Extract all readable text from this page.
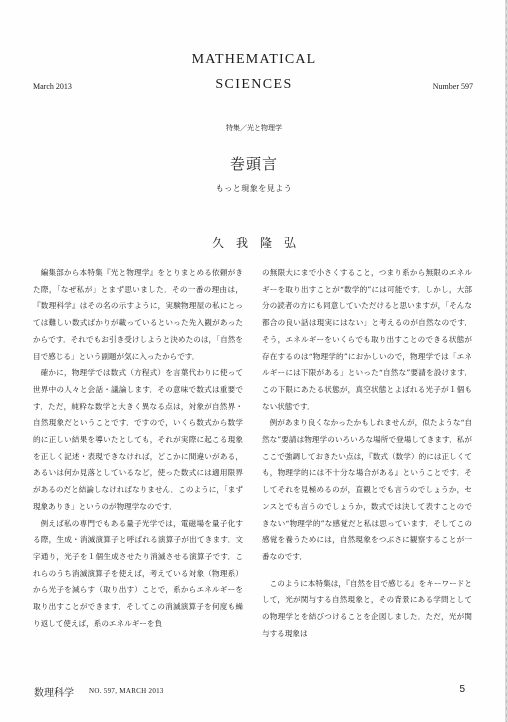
MATHEMATICAL
SCIENCES
March 2013	Number 597
特集／光と物理学
巻頭言
もっと現象を見よう
久我隆弘

編集部から本特集『光と物理学』をとりまとめる依頼がきた際，「なぜ私が」とまず思いました．その一番の理由は，『数理科学』はその名の示すように，実験物理屋の私にとっては難しい数式ばかりが載っているといった先入観があったからです．それでもお引き受けしようと決めたのは，「自然を目で感じる」という副題が気に入ったからです．

確かに，物理学では数式（方程式）を言葉代わりに使って世界中の人々と会話・議論します．その意味で数式は重要です．ただ，純粋な数学と大きく異なる点は，対象が自然界・自然現象だということです．ですので，いくら数式から数学的に正しい結果を導いたとしても，それが実際に起こる現象を正しく記述・表現できなければ，どこかに間違いがある，あるいは何か見落としているなど，使った数式には適用限界があるのだと結論しなければなりません．このように，「まず現象ありき」というのが物理学なのです．

例えば私の専門でもある量子光学では，電磁場を量子化する際，生成・消滅演算子と呼ばれる演算子が出てきます．文字通り，光子を１個生成させたり消滅させる演算子です．これらのうち消滅演算子を使えば，考えている対象（物理系）から光子を減らす（取り出す）ことで，系からエネルギーを取り出すことができます．そしてこの消滅演算子を何度も繰り返して使えば，系のエネルギーを負

の無限大にまで小さくすること，つまり系から無限のエネルギーを取り出すことが“数学的”には可能です．しかし，大部分の読者の方にも同意していただけると思いますが，「そんな都合の良い話は現実にはない」と考えるのが自然なのです．そう，エネルギーをいくらでも取り出すことのできる状態が存在するのは“物理学的”におかしいので，物理学では「エネルギーには下限がある」といった“自然な”要請を設けます．この下限にあたる状態が，真空状態とよばれる光子が１個もない状態です．

例があまり良くなかったかもしれませんが，似たような“自然な”要請は物理学のいろいろな場所で登場してきます．私がここで強調しておきたい点は，『数式（数学）的には正しくても，物理学的には不十分な場合がある』ということです．そしてそれを見極めるのが，直観とでも言うのでしょうか，センスとでも言うのでしょうか，数式では決して表すことのできない“物理学的”な感覚だと私は思っています．そしてこの感覚を養うためには，自然現象をつぶさに観察することが一番なのです．

このように本特集は，『自然を目で感じる』をキーワードとして，光が関与する自然現象と，その背景にある学問としての物理学とを結びつけることを企図しました．ただ，光が関与する現象は

数理科学 NO. 597, MARCH 2013	5
